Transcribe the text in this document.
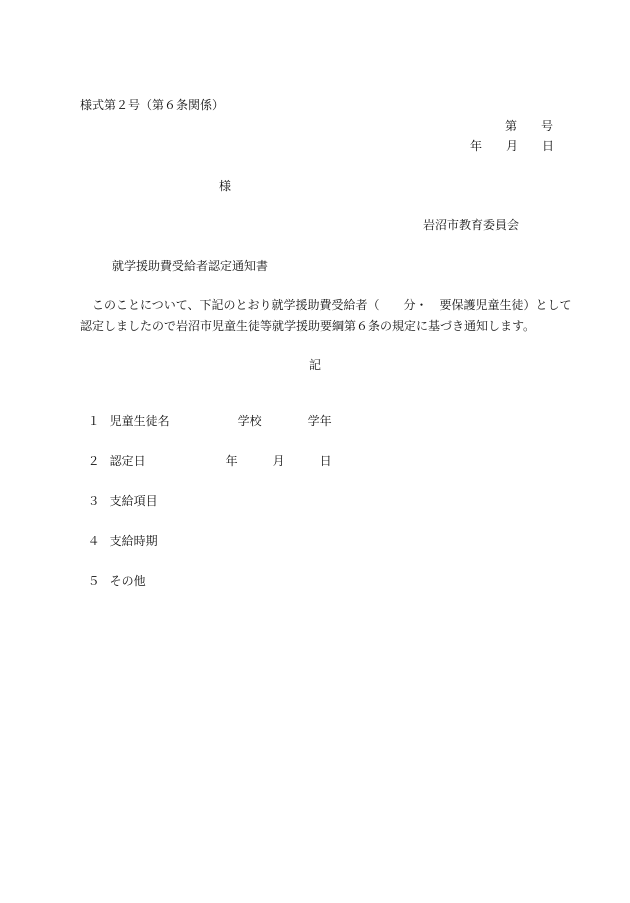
様式第２号（第６条関係）
第　　号
年　　月　　日
様
岩沼市教育委員会
就学援助費受給者認定通知書
　このことについて、下記のとおり就学援助費受給者（　　分・　要保護児童生徒）として
認定しましたので岩沼市児童生徒等就学援助要綱第６条の規定に基づき通知します。
記

１ 児童生徒名	学校	学年

２ 認定日	年	月	日

３ 支給項目

４ 支給時期

５ その他
